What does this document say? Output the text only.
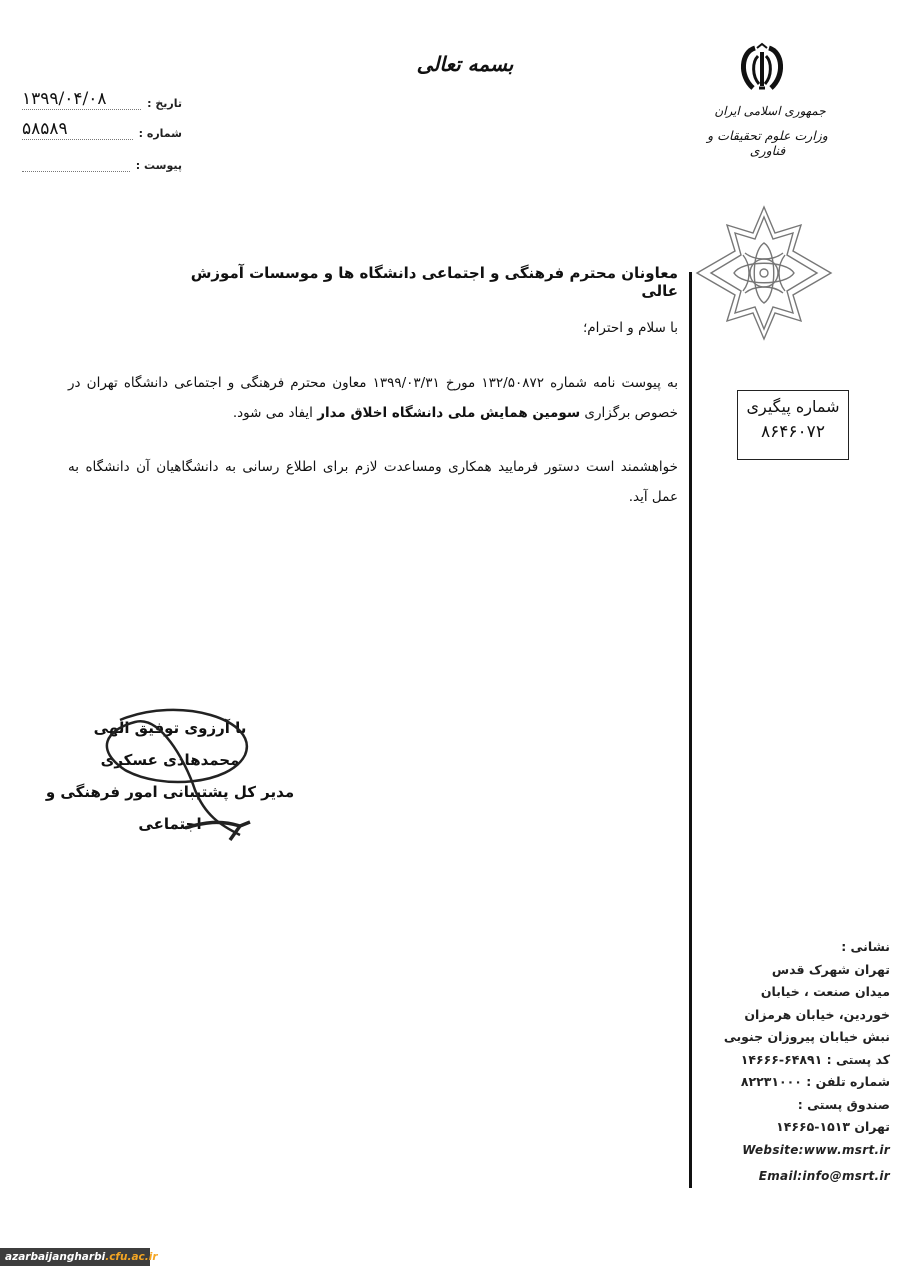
تاریخ :
۱۳۹۹/۰۴/۰۸
شماره :
۵۸۵۸۹
پیوست :
بسمه تعالی
جمهوری اسلامی ایران
وزارت علوم تحقیقات و فناوری
معاونان محترم فرهنگی و اجتماعی دانشگاه ها و موسسات آموزش عالی
با سلام و احترام؛
به پیوست نامه شماره ۱۳۲/۵۰۸۷۲ مورخ ۱۳۹۹/۰۳/۳۱ معاون محترم فرهنگی و اجتماعی دانشگاه تهران در خصوص برگزاری سومین همایش ملی دانشگاه اخلاق مدار ایفاد می شود.
خواهشمند است دستور فرمایید همکاری ومساعدت لازم برای اطلاع رسانی به دانشگاهیان آن دانشگاه به عمل آید.
شماره پیگیری
۸۶۴۶۰۷۲
با آرزوی توفیق الهی
محمدهادی عسکری
مدیر کل پشتیبانی امور فرهنگی و اجتماعی
نشانی :
تهران شهرک قدس
میدان صنعت ، خیابان
خوردین، خیابان هرمزان
نبش خیابان پیروزان جنوبی
کد پستی : ۶۴۸۹۱-۱۴۶۶۶
شماره تلفن : ۸۲۲۳۱۰۰۰
صندوق پستی :
تهران ۱۵۱۳-۱۴۶۶۵
Website:www.msrt.ir
Email:info@msrt.ir
azarbaijangharbi.cfu.ac.ir
